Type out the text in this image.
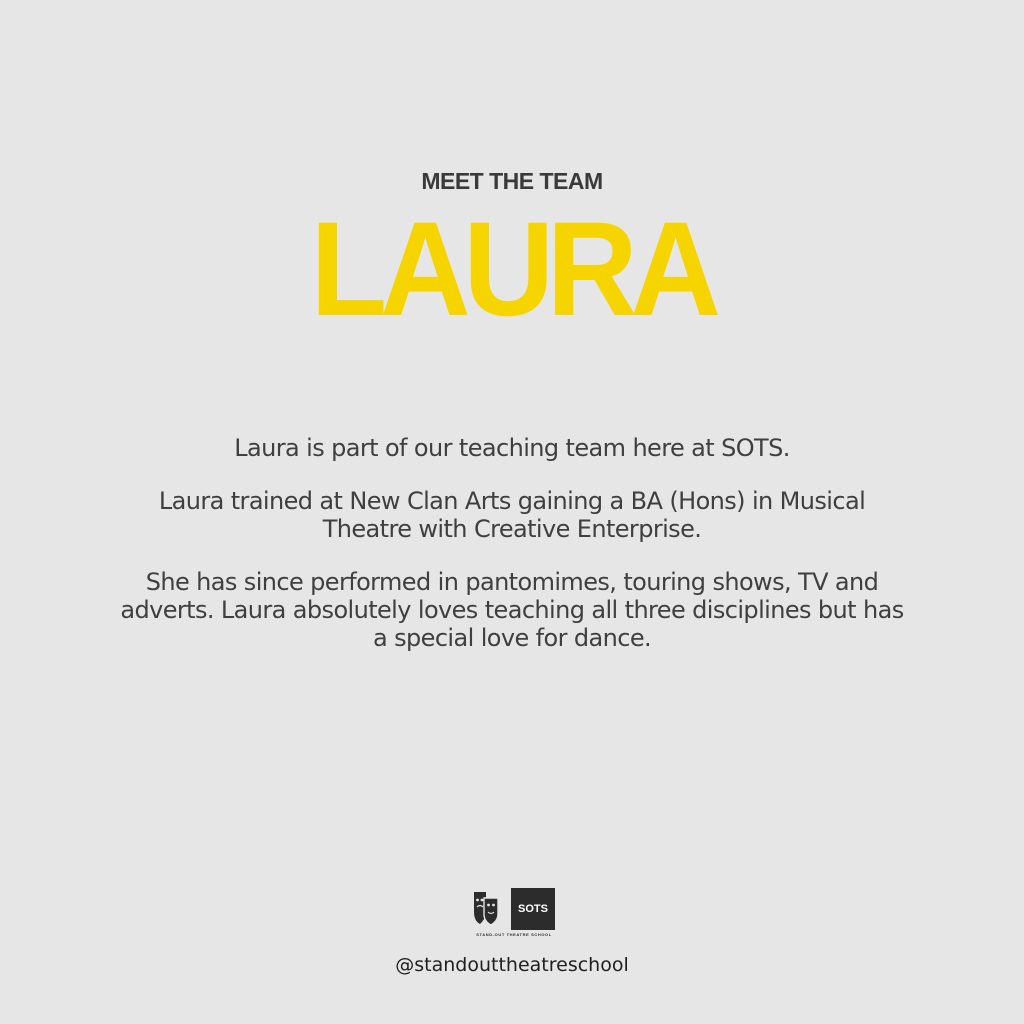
MEET THE TEAM
LAURA

Laura is part of our teaching team here at SOTS.

Laura trained at New Clan Arts gaining a BA (Hons) in Musical Theatre with Creative Enterprise.

She has since performed in pantomimes, touring shows, TV and adverts. Laura absolutely loves teaching all three disciplines but has a special love for dance.

SOTS
STAND-OUT THEATRE SCHOOL
@standouttheatreschool
